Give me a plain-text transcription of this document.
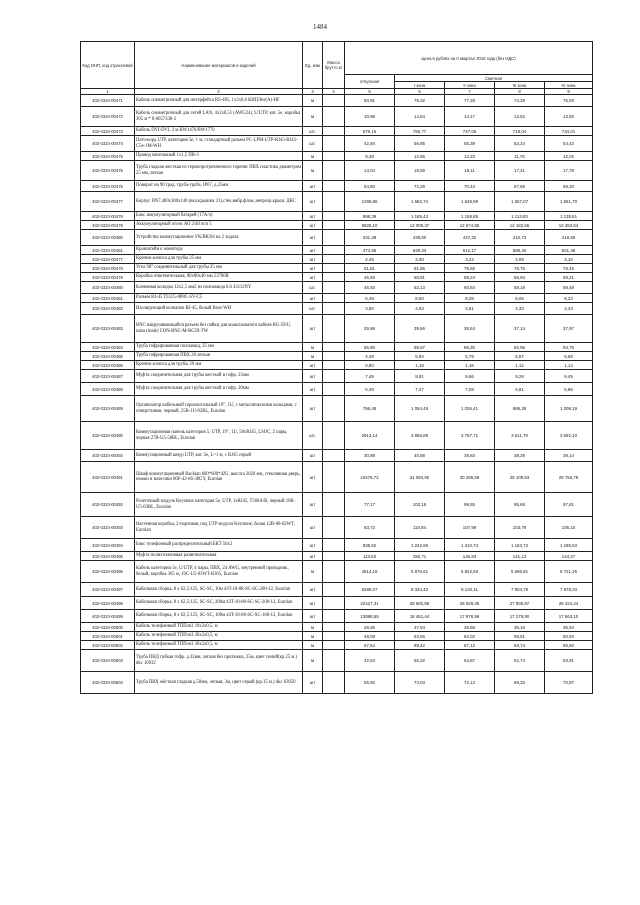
1484
Код ОНП, код отраслевой	Наименование материалов и изделий	Ед. изм	Масса брутто кг	Цена в рублях на II квартал 2016 года (без НДС)				
				отпускная	Сметная			
					I зона	II зона	III зона	IV зона
1	2	3	4	5	6	7	8	9
402-0310-00471	Кабель симметричный для интерфейса RS-485, 1х2х0,6 КИПЭнг(А)-HF	м		60,91	79,32	77,28	74,28	75,93
402-0310-00472	Кабель симметричный для сетей LAN, 4х2х0,51 (AWG24), U/UTP, кат. 5е, коробка 305 м * 0-0057338-2	м		10,98	14,54	14,17	13,62	13,92
402-0310-00473	Кабель DVI-DVI, 2 м BW1470/BW1770	шт.		579,15	766,77	747,05	718,04	734,01
402-0310-00474	Патч-корд UTP, категория 5е, 1 м, стандартный разъем PC-LPM-UTP-RJ45-RJ45-C5e-1M-WH	шт.		42,94	56,85	55,39	53,24	54,42
402-0310-00475	Провод монтажный 1х1,5 ПВ-3	м		9,48	12,56	12,23	11,76	12,02
402-0310-00476	Труба гладкая жесткая из термопротрочненного гореняс ПВХ пластика диаметром 25 мм, легкая	м		14,04	18,59	18,11	17,41	17,79
402-0310-00476	Поворот на 90 град. труба-труба, IP67, д.25мм	шт		54,60	72,29	70,43	67,69	69,20
402-0310-00477	Корпус IP67,400х300х140 (вкл.крышки 21),стек.вибр.флан.,непрозр.крыш. ДКС	шт		1295,86	1 682,74	1 648,98	1 557,07	1 561,70
402-0310-00478	Бокс аккумуляторный батарей (17А/ч)	шт		898,39	1 189,43	1 158,85	1 113,83	1 138,61
402-0310-00479	Аккумуляторный отсек АО 2/40 исп 5	шт		9826,10	13 009,37	12 674,95	12 182,66	12 453,54
402-0310-00480	Устройство коммутационное УК/ВК/04 на 2 ходала	шт		331,28	438,60	427,32	410,73	419,86
402-0310-00481	Кронштейн к монитору	шт		474,58	628,33	612,17	588,40	601,48
402-0310-00477	Крепеж-клипса для трубы 25 мм	шт		2,49	3,30	3,22	3,09	3,16
402-0310-00478	Угол 90° соединительный для трубы 25 мм	шт		61,81	81,86	79,65	76,75	78,45
402-0310-00479	Коробка ответвительная, 80х80х40 мм 53700R	шт		45,93	60,81	59,24	56,94	58,21
402-0310-00480	Клеммная колодка 12х2,5 мм2 из полиамида 6.6 43112NY	шт.		46,93	62,13	60,54	58,19	59,48
402-0310-00481	Разъем RJ-45 TLUG-8P8C-SV-C5	шт		6,49	8,60	8,38	8,05	8,23
402-0310-00482	Изолирующий колпачок RJ-45, белый Boot-WH	шт.		3,50	4,63	4,51	4,33	4,43
402-0310-00483	BNC накручивающийся разъем без пайки для коаксиального кабеля RG-59/U, папа (male) CON-BNC-M-RG59-TW	шт		29,96	39,66	38,64	37,14	37,97
402-0310-00484	Труба гофрированная полиамид, 25 мм	м		66,90	88,57	86,30	82,95	84,79
402-0310-00485	Труба гофрированная ПВХ 20 легкая	м		4,49	5,94	5,79	5,57	5,69
402-0310-00486	Крепеж-клипса для трубы 20 мм	шт		0,90	1,19	1,16	1,12	1,14
402-0310-00487	Муфта соединительная для трубы жесткой и гофр. 25мм	шт		7,49	9,91	9,66	9,28	9,49
402-0310-00488	Муфта соединительная для трубы жесткой и гофр. 20мм	шт		5,49	7,27	7,08	6,81	6,96
402-0310-00489	Организатор кабельный горизонтальный 19", 1U, с металлическими кольцами, с отверстиями, черный, 25B-1U-02BL, Eurolan	шт		796,48	1 054,49	1 026,41	986,28	1 008,19
402-0310-00490	Коммутационная панель категория 5, UTP, 19", 1U, 50xRJ45, LSOC, 2 пары, черная 27B-U5-50BL, Eurolan	шт.		2913,14	3 856,89	3 757,71	3 611,79	3 692,10
402-0310-00492	Коммутационный шнур UTP, кат. 5е, L=1 м, с RJ45 серый	шт		30,88	40,88	39,83	38,29	39,14
402-0310-00491	Шкаф коммутационный Racklan 600*600*42U, высота 2020 мм, стеклянная дверь, ножки и колесики 60F-42-66-38GY, Eurolan	шт		23478,72	31 084,90	30 285,59	29 109,53	29 756,79
402-0310-00492	Розеточный модуль Keystone категория 5е, UTP, 1xRJ45, T568A/B, черный 16B-U5-03BL, Eurolan	шт		77,17	102,16	99,55	95,68	97,81
402-0310-00493	Настенная коробка, 2-портовая, под UTP модули Keystone, белая 12B-00-02WT, Eurolan	шт		83,72	110,84	107,99	103,79	106,10
402-0310-00494	Бокс телефонный распределительный БКТ 50х2	шт		938,62	1 242,69	1 210,74	1 163,72	1 189,63
402-0310-00495	Муфта полиэтиленовая разветвительная	шт		113,63	150,71	146,83	141,13	144,27
402-0310-00496	Кабель категории 5е, U/UTP, 4 пары, ПВХ, 24 AWG, внутренний проводник, белый, коробка 305 м, 19С-U5-03WT-B305, Eurolan	м		4514,15	5 976,61	5 822,93	5 596,81	5 721,26
402-0310-00497	Кабельная сборка, 8 х 62,5/125, SC-SC, 10м 43T-10-08-SC-SC-200-12, Eurolan	шт		6285,07	8 334,42	8 120,11	7 804,79	7 978,33
402-0310-00498	Кабельная сборка, 8 х 62,5/125, SC-SC, 200м 43T-10-08-SC-SC-200-12, Eurolan	шт		22427,31	29 692,88	28 929,35	27 805,97	28 424,24
402-0310-00499	Кабельная сборка, 8 х 62,5/125, SC-SC, 100м 43T-10-08-SC-SC-100-12, Eurolan	шт		13898,55	18 451,44	17 976,99	17 278,90	17 663,10
402-0310-00500	Кабель телефонный ТППэпЗ 10х2х0,5, м	м		28,36	37,54	36,58	35,16	35,94
402-0310-00501	Кабель телефонный ТППэпЗ 20х2х0,5, м	м		48,08	63,66	62,02	59,61	60,94
402-0310-00502	Кабель телефонный ТППэпЗ 30х2х0,5, м	м		67,54	89,42	87,12	83,74	85,60
402-0310-00503	Труба ПНД гибкая гофр. д.32мм, легкая без протяжки, 25м, цвет синий(кр.25 м.) dkc 10932	м		42,54	56,32	54,87	52,74	53,91
402-0310-00504	Труба ПВХ жёсткая гладкая д.50мм, легкая, 3м, цвет серый (кр.15 м.) dkc 63950	шт		55,92	74,03	72,13	69,33	70,87
